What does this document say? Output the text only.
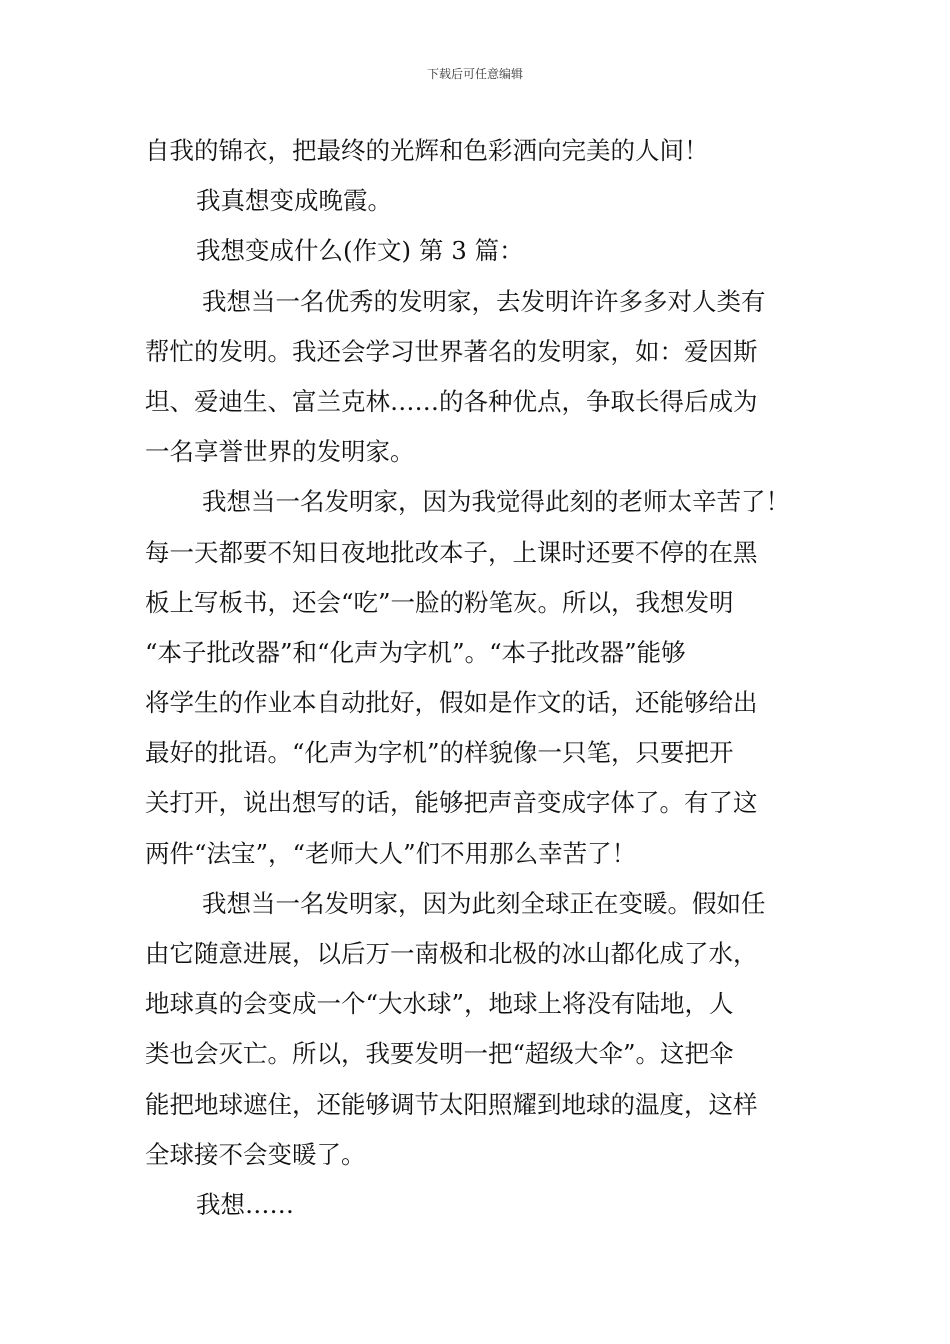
下载后可任意编辑
自我的锦衣，把最终的光辉和色彩洒向完美的人间！
我真想变成晚霞。
我想变成什么(作文) 第 3 篇：
我想当一名优秀的发明家，去发明许许多多对人类有
帮忙的发明。我还会学习世界著名的发明家，如：爱因斯
坦、爱迪生、富兰克林……的各种优点，争取长得后成为
一名享誉世界的发明家。
我想当一名发明家，因为我觉得此刻的老师太辛苦了！
每一天都要不知日夜地批改本子，上课时还要不停的在黑
板上写板书，还会“吃”一脸的粉笔灰。所以，我想发明
“本子批改器”和“化声为字机”。“本子批改器”能够
将学生的作业本自动批好，假如是作文的话，还能够给出
最好的批语。“化声为字机”的样貌像一只笔，只要把开
关打开，说出想写的话，能够把声音变成字体了。有了这
两件“法宝”，“老师大人”们不用那么幸苦了！
我想当一名发明家，因为此刻全球正在变暖。假如任
由它随意进展，以后万一南极和北极的冰山都化成了水，
地球真的会变成一个“大水球”，地球上将没有陆地，人
类也会灭亡。所以，我要发明一把“超级大伞”。这把伞
能把地球遮住，还能够调节太阳照耀到地球的温度，这样
全球接不会变暖了。
我想……
